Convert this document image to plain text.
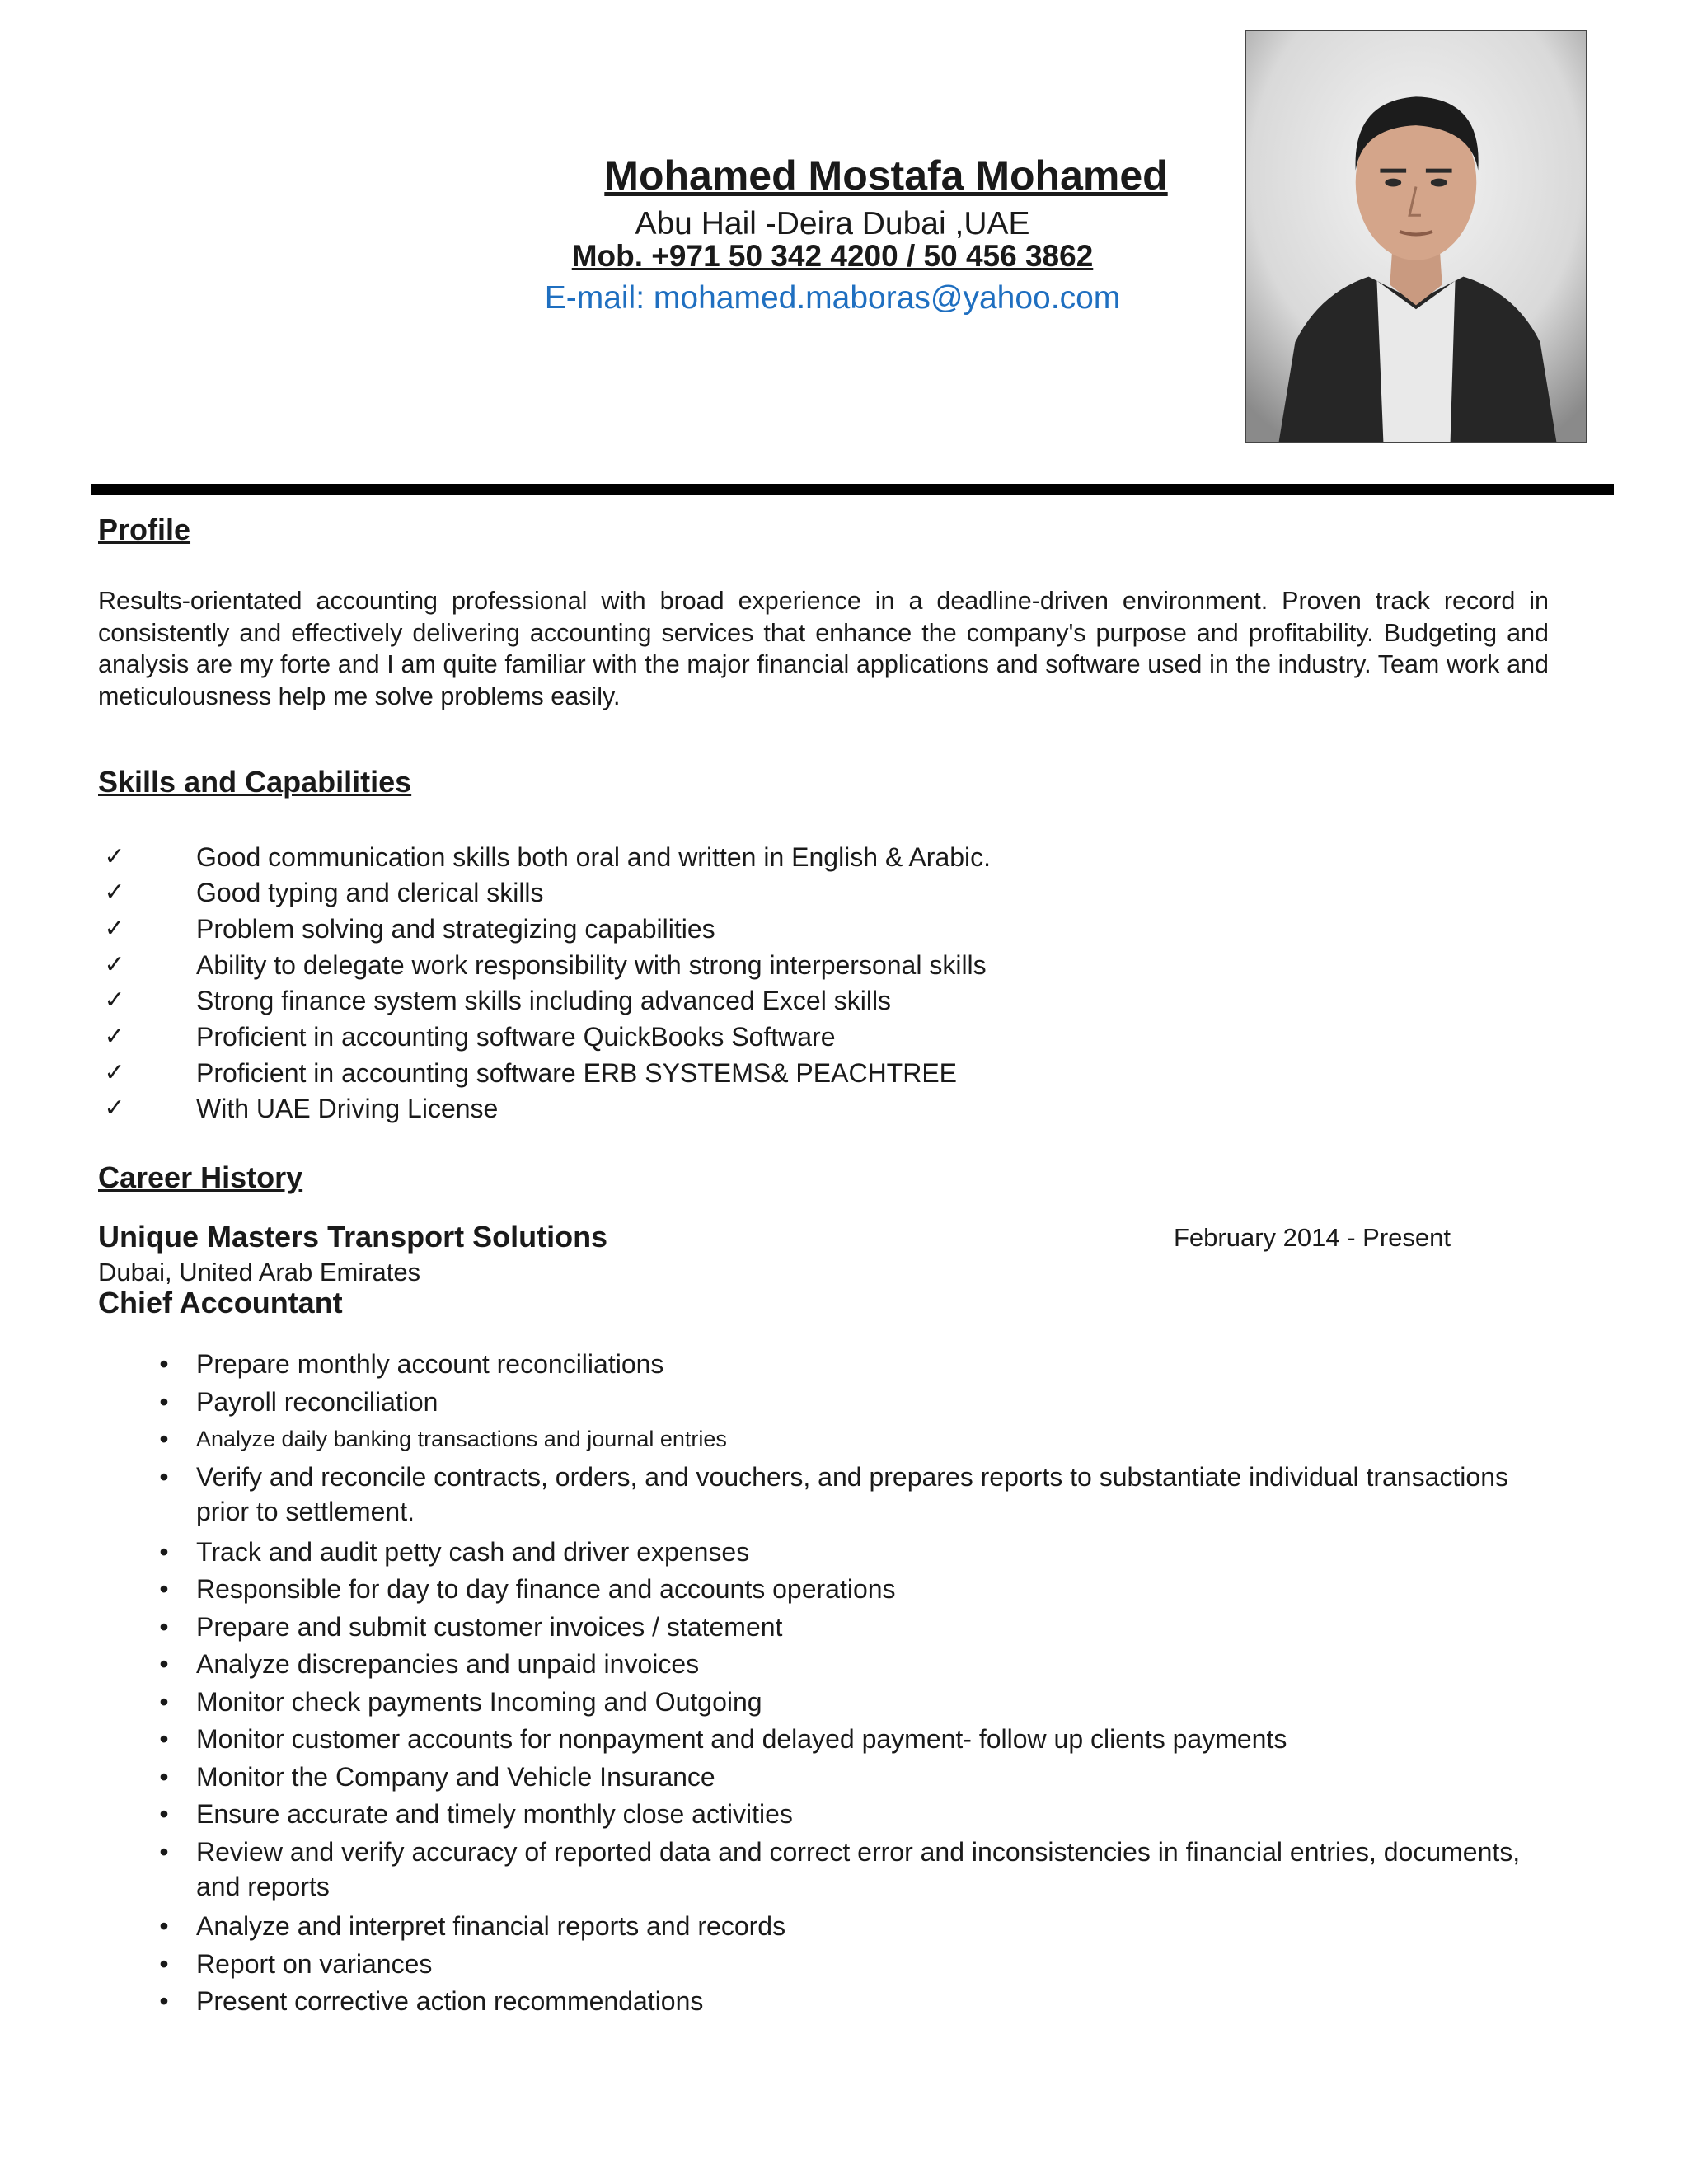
Mohamed Mostafa Mohamed
Abu Hail -Deira Dubai ,UAE
Mob. +971 50 342 4200 / 50 456 3862
E-mail: mohamed.maboras@yahoo.com
Profile
Results-orientated accounting professional with broad experience in a deadline-driven environment. Proven track record in consistently and effectively delivering accounting services that enhance the company's purpose and profitability. Budgeting and analysis are my forte and I am quite familiar with the major financial applications and software used in the industry. Team work and meticulousness help me solve problems easily.
Skills and Capabilities
✓	Good communication skills both oral and written in English & Arabic.
✓	Good typing and clerical skills
✓	Problem solving and strategizing capabilities
✓	Ability to delegate work responsibility with strong interpersonal skills
✓	Strong finance system skills including advanced Excel skills
✓	Proficient in accounting software QuickBooks Software
✓	Proficient in accounting software ERB SYSTEMS& PEACHTREE
✓	With UAE Driving License
Career History
Unique Masters Transport Solutions	February 2014 - Present
Dubai, United Arab Emirates
Chief Accountant
• Prepare monthly account reconciliations
• Payroll reconciliation
• Analyze daily banking transactions and journal entries
• Verify and reconcile contracts, orders, and vouchers, and prepares reports to substantiate individual transactions prior to settlement.
• Track and audit petty cash and driver expenses
• Responsible for day to day finance and accounts operations
• Prepare and submit customer invoices / statement
• Analyze discrepancies and unpaid invoices
• Monitor check payments Incoming and Outgoing
• Monitor customer accounts for nonpayment and delayed payment- follow up clients payments
• Monitor the Company and Vehicle Insurance
• Ensure accurate and timely monthly close activities
• Review and verify accuracy of reported data and correct error and inconsistencies in financial entries, documents, and reports
• Analyze and interpret financial reports and records
• Report on variances
• Present corrective action recommendations
